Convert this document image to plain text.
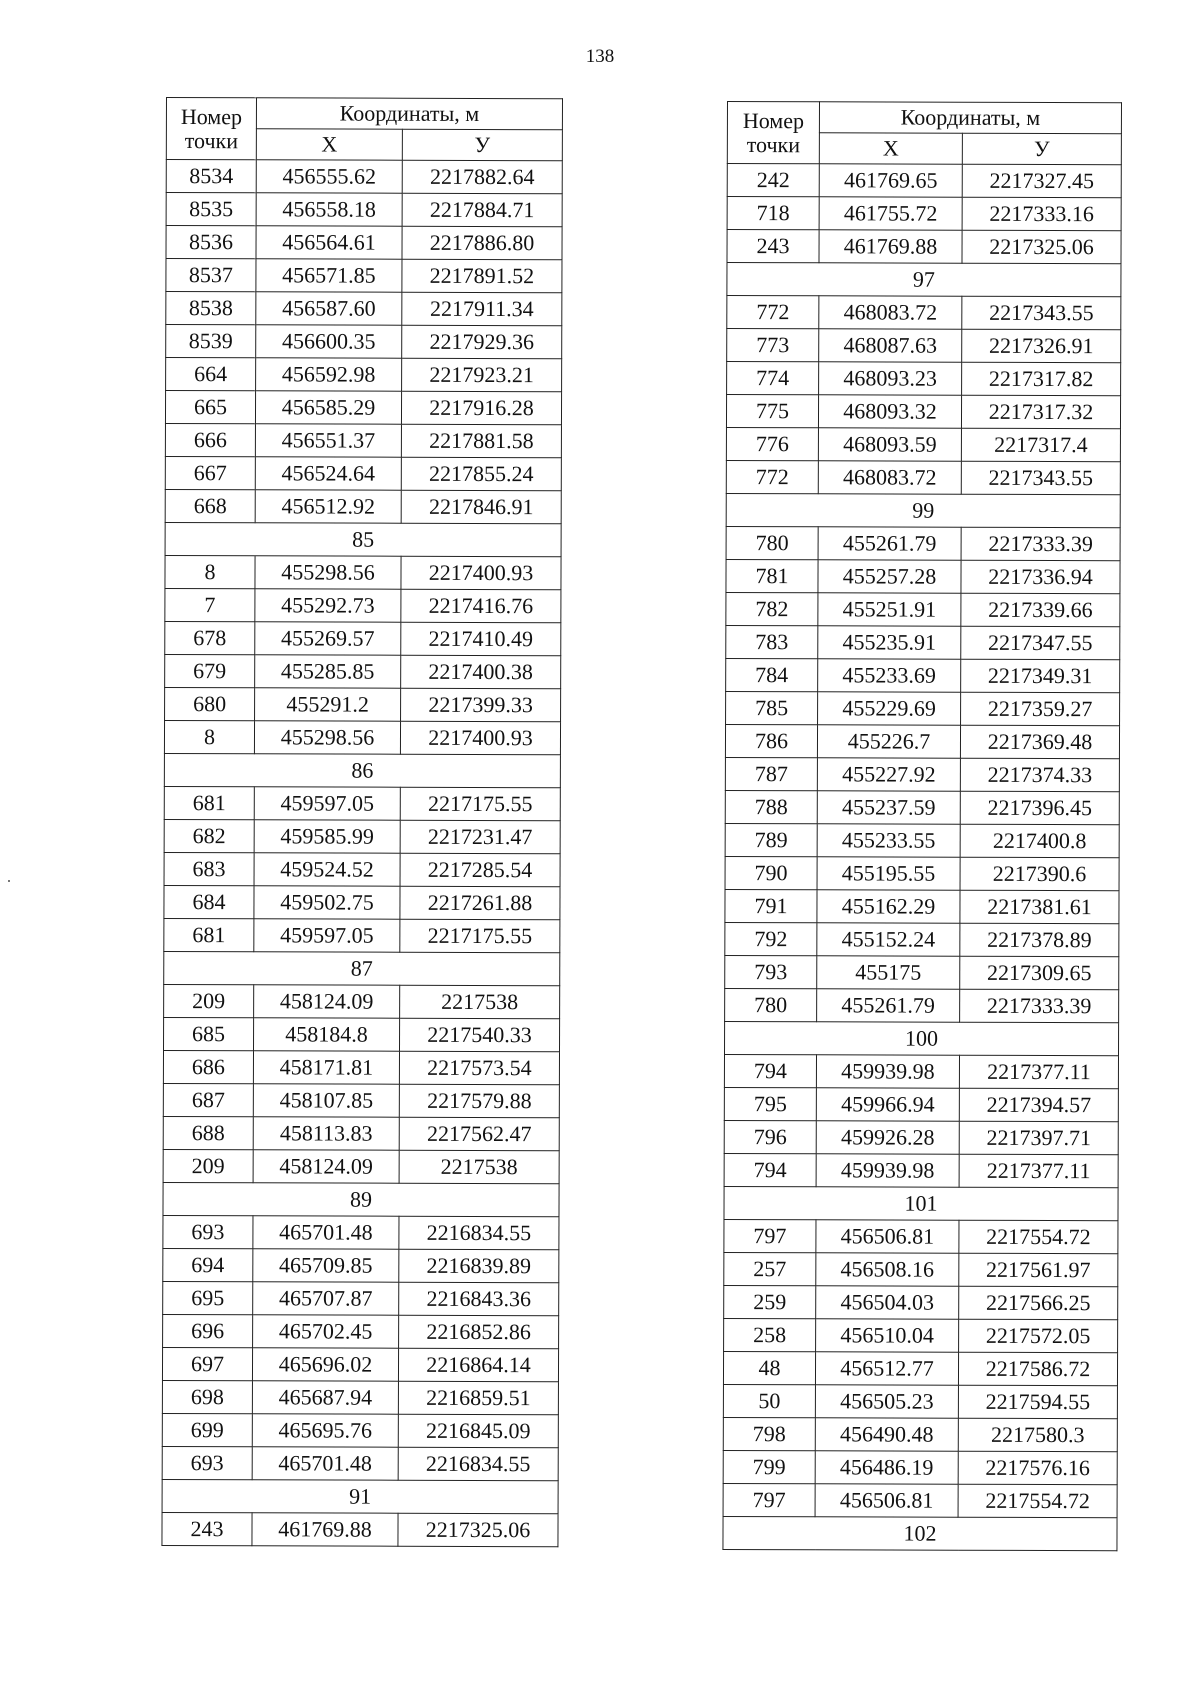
138
Номер
точки	Координаты, м	
	Х	У
8534	456555.62	2217882.64
8535	456558.18	2217884.71
8536	456564.61	2217886.80
8537	456571.85	2217891.52
8538	456587.60	2217911.34
8539	456600.35	2217929.36
664	456592.98	2217923.21
665	456585.29	2217916.28
666	456551.37	2217881.58
667	456524.64	2217855.24
668	456512.92	2217846.91
85		
8	455298.56	2217400.93
7	455292.73	2217416.76
678	455269.57	2217410.49
679	455285.85	2217400.38
680	455291.2	2217399.33
8	455298.56	2217400.93
86		
681	459597.05	2217175.55
682	459585.99	2217231.47
683	459524.52	2217285.54
684	459502.75	2217261.88
681	459597.05	2217175.55
87		
209	458124.09	2217538
685	458184.8	2217540.33
686	458171.81	2217573.54
687	458107.85	2217579.88
688	458113.83	2217562.47
209	458124.09	2217538
89		
693	465701.48	2216834.55
694	465709.85	2216839.89
695	465707.87	2216843.36
696	465702.45	2216852.86
697	465696.02	2216864.14
698	465687.94	2216859.51
699	465695.76	2216845.09
693	465701.48	2216834.55
91		
243	461769.88	2217325.06
Номер
точки	Координаты, м	
	Х	У
242	461769.65	2217327.45
718	461755.72	2217333.16
243	461769.88	2217325.06
97		
772	468083.72	2217343.55
773	468087.63	2217326.91
774	468093.23	2217317.82
775	468093.32	2217317.32
776	468093.59	2217317.4
772	468083.72	2217343.55
99		
780	455261.79	2217333.39
781	455257.28	2217336.94
782	455251.91	2217339.66
783	455235.91	2217347.55
784	455233.69	2217349.31
785	455229.69	2217359.27
786	455226.7	2217369.48
787	455227.92	2217374.33
788	455237.59	2217396.45
789	455233.55	2217400.8
790	455195.55	2217390.6
791	455162.29	2217381.61
792	455152.24	2217378.89
793	455175	2217309.65
780	455261.79	2217333.39
100		
794	459939.98	2217377.11
795	459966.94	2217394.57
796	459926.28	2217397.71
794	459939.98	2217377.11
101		
797	456506.81	2217554.72
257	456508.16	2217561.97
259	456504.03	2217566.25
258	456510.04	2217572.05
48	456512.77	2217586.72
50	456505.23	2217594.55
798	456490.48	2217580.3
799	456486.19	2217576.16
797	456506.81	2217554.72
102		
